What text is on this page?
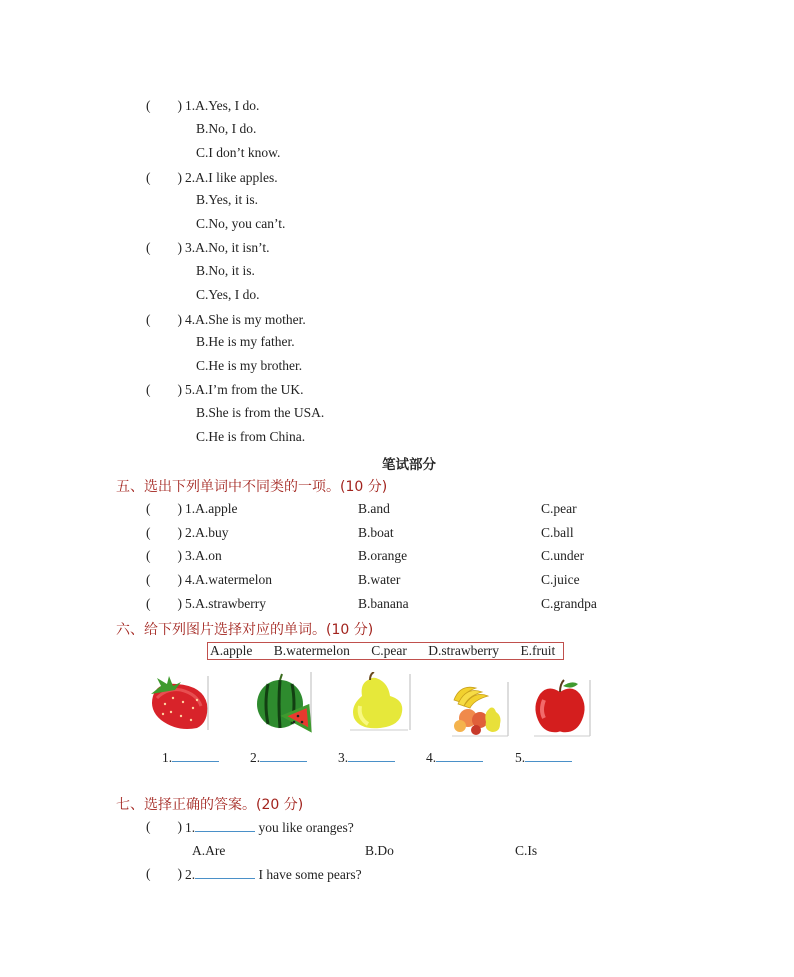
(        ) 1.A.Yes, I do.
B.No, I do.
C.I don’t know.
(        ) 2.A.I like apples.
B.Yes, it is.
C.No, you can’t.
(        ) 3.A.No, it isn’t.
B.No, it is.
C.Yes, I do.
(        ) 4.A.She is my mother.
B.He is my father.
C.He is my brother.
(        ) 5.A.I’m from the UK.
B.She is from the USA.
C.He is from China.
笔试部分
五、选出下列单词中不同类的一项。(10 分)
(        ) 1.A.apple	B.and	C.pear
(        ) 2.A.buy	B.boat	C.ball
(        ) 3.A.on	B.orange	C.under
(        ) 4.A.watermelon	B.water	C.juice
(        ) 5.A.strawberry	B.banana	C.grandpa
六、给下列图片选择对应的单词。(10 分)
A.apple B.watermelon C.pear D.strawberry E.fruit
1.	2.	3.	4.	5.
七、选择正确的答案。(20 分)
(        ) 1.	you like oranges?
A.Are	B.Do	C.Is
(        ) 2.	I have some pears?
